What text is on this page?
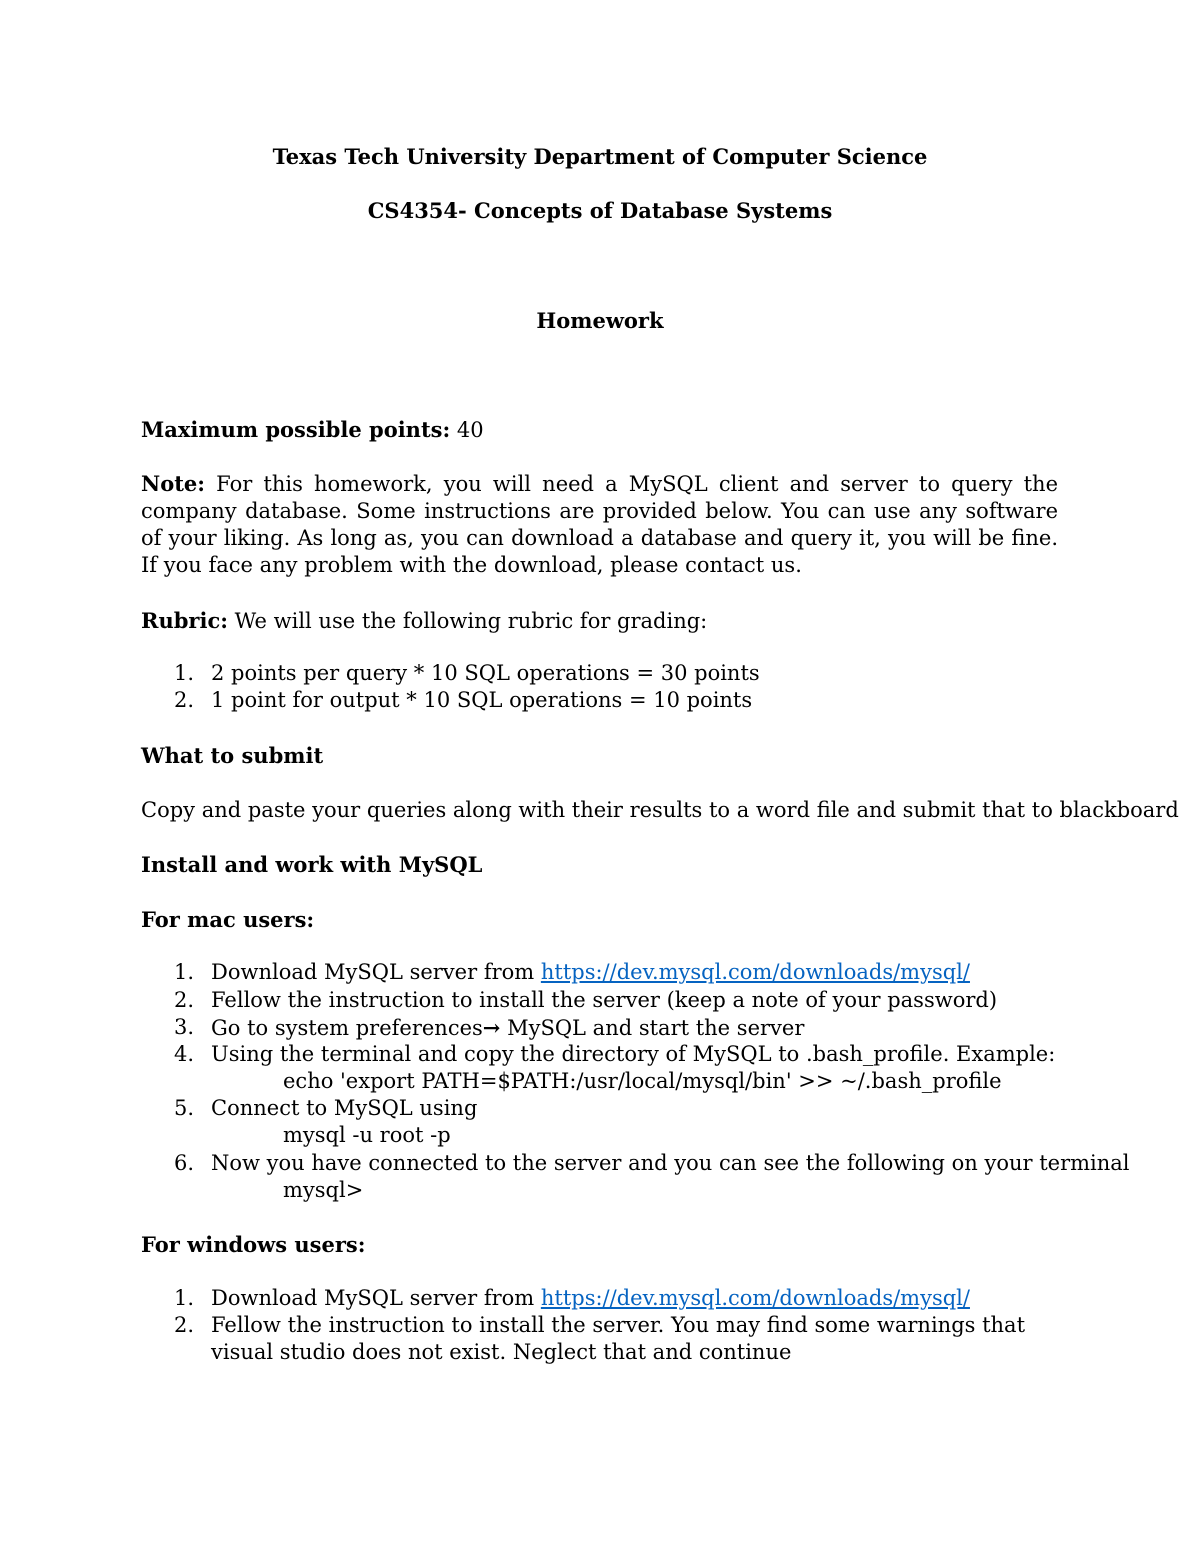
Texas Tech University Department of Computer Science
CS4354- Concepts of Database Systems
Homework
Maximum possible points: 40
Note: For this homework, you will need a MySQL client and server to query the company database. Some instructions are provided below. You can use any software of your liking. As long as, you can download a database and query it, you will be fine. If you face any problem with the download, please contact us.
Rubric: We will use the following rubric for grading:
1. 2 points per query * 10 SQL operations = 30 points
2. 1 point for output * 10 SQL operations = 10 points
What to submit
Copy and paste your queries along with their results to a word file and submit that to blackboard
Install and work with MySQL
For mac users:
1. Download MySQL server from https://dev.mysql.com/downloads/mysql/
2. Fellow the instruction to install the server (keep a note of your password)
3. Go to system preferences→ MySQL and start the server
4. Using the terminal and copy the directory of MySQL to .bash_profile. Example:
echo 'export PATH=$PATH:/usr/local/mysql/bin' >> ~/.bash_profile
5. Connect to MySQL using
mysql -u root -p
6. Now you have connected to the server and you can see the following on your terminal
mysql>
For windows users:
1. Download MySQL server from https://dev.mysql.com/downloads/mysql/
2. Fellow the instruction to install the server. You may find some warnings that visual studio does not exist. Neglect that and continue
